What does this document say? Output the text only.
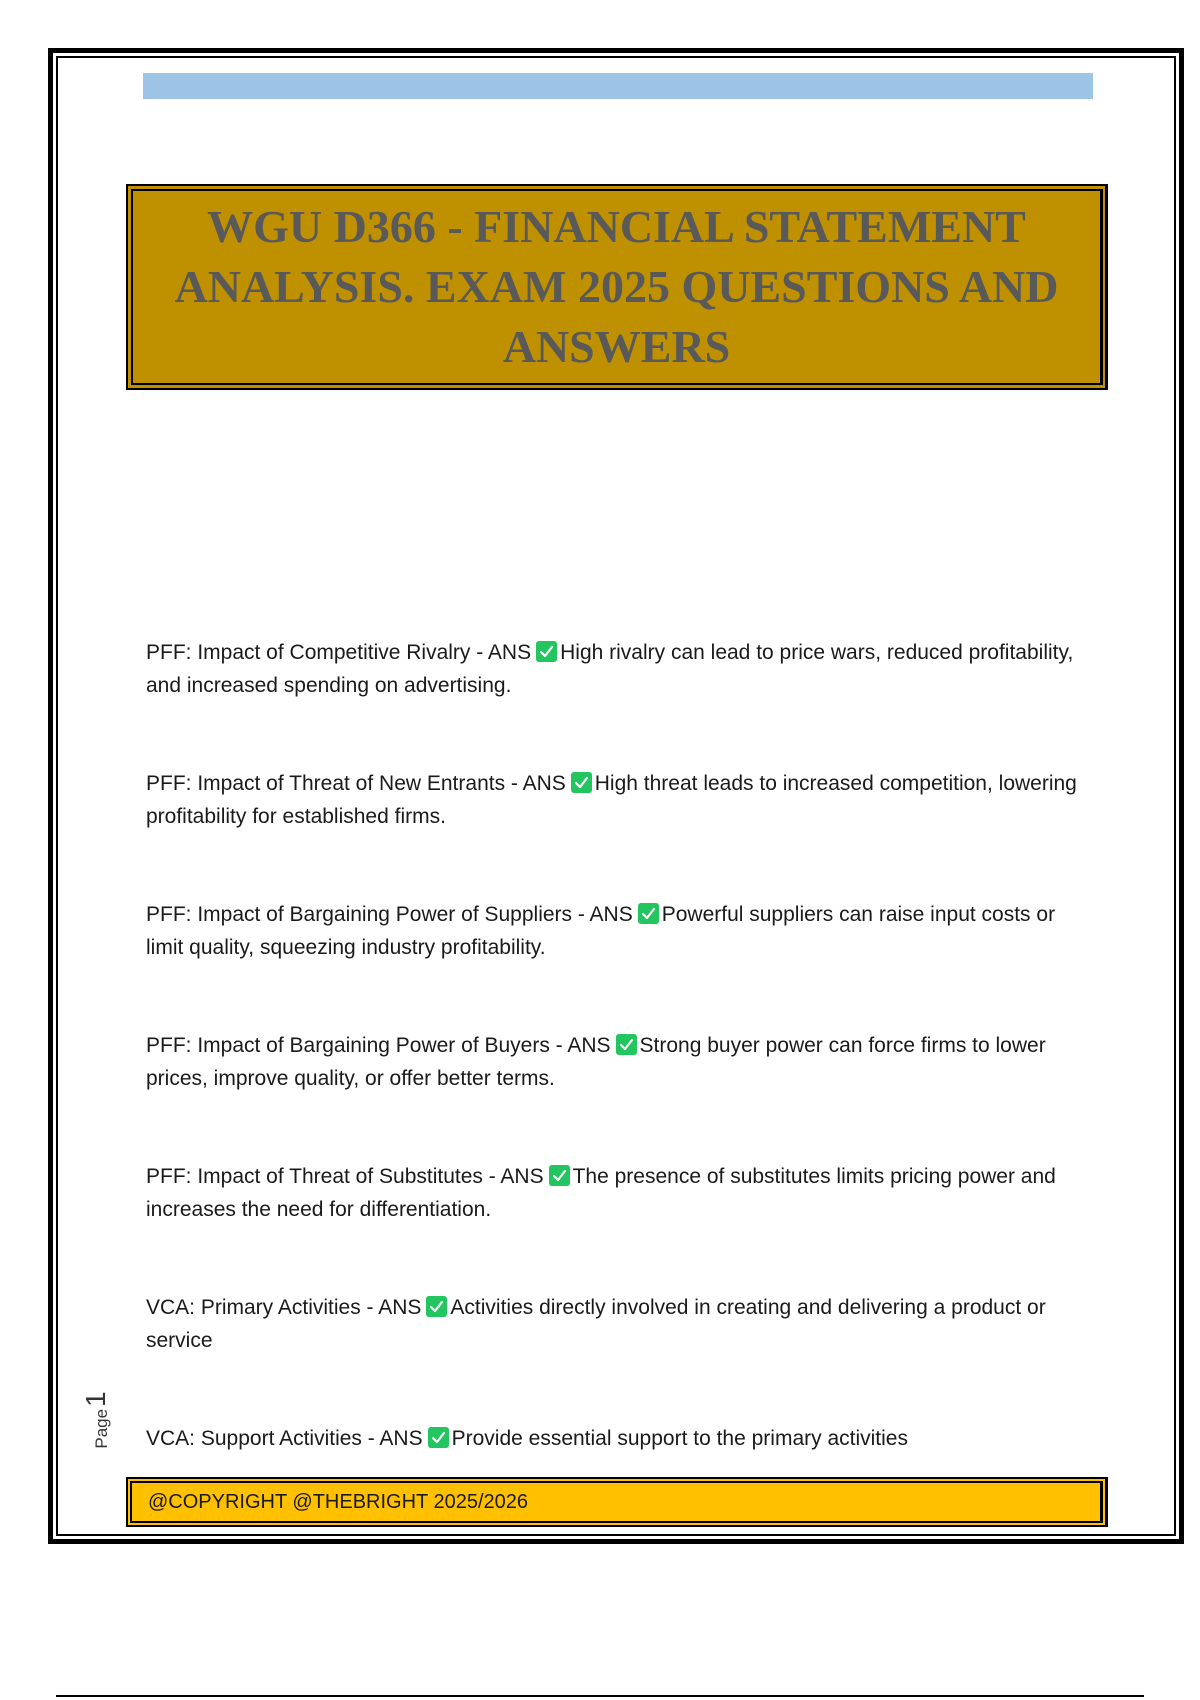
WGU D366 - FINANCIAL STATEMENT ANALYSIS. EXAM 2025 QUESTIONS AND ANSWERS
PFF: Impact of Competitive Rivalry - ANS High rivalry can lead to price wars, reduced profitability, and increased spending on advertising.
PFF: Impact of Threat of New Entrants - ANS High threat leads to increased competition, lowering profitability for established firms.
PFF: Impact of Bargaining Power of Suppliers - ANS Powerful suppliers can raise input costs or limit quality, squeezing industry profitability.
PFF: Impact of Bargaining Power of Buyers - ANS Strong buyer power can force firms to lower prices, improve quality, or offer better terms.
PFF: Impact of Threat of Substitutes - ANS The presence of substitutes limits pricing power and increases the need for differentiation.
VCA: Primary Activities - ANS Activities directly involved in creating and delivering a product or service
VCA: Support Activities - ANS Provide essential support to the primary activities
Page
1
@COPYRIGHT @THEBRIGHT 2025/2026
